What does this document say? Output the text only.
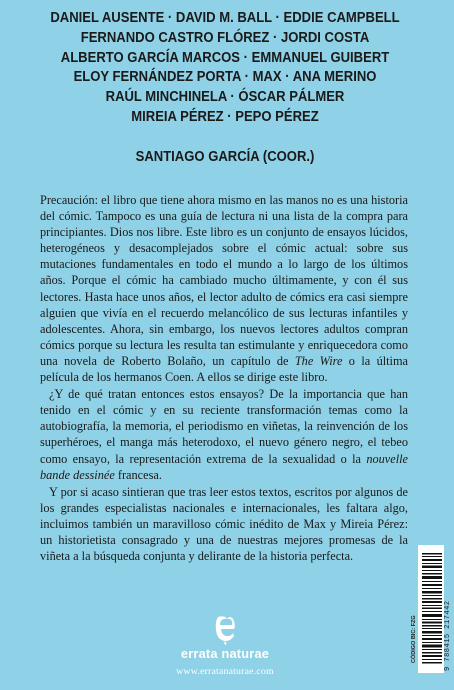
DANIEL AUSENTE · DAVID M. BALL · EDDIE CAMPBELL
FERNANDO CASTRO FLÓREZ · JORDI COSTA
ALBERTO GARCÍA MARCOS · EMMANUEL GUIBERT
ELOY FERNÁNDEZ PORTA · MAX · ANA MERINO
RAÚL MINCHINELA · ÓSCAR PÁLMER
MIREIA PÉREZ · PEPO PÉREZ
SANTIAGO GARCÍA (COOR.)

Precaución: el libro que tiene ahora mismo en las manos no es una historia del cómic. Tampoco es una guía de lectura ni una lista de la compra para principiantes. Dios nos libre. Este libro es un conjunto de ensayos lúcidos, heterogéneos y desacomplejados sobre el cómic actual: sobre sus mutaciones fundamentales en todo el mundo a lo largo de los últimos años. Porque el cómic ha cambiado mucho últimamente, y con él sus lectores. Hasta hace unos años, el lector adulto de cómics era casi siempre alguien que vivía en el recuerdo melancólico de sus lecturas infantiles y adolescentes. Ahora, sin embargo, los nuevos lectores adultos compran cómics porque su lectura les resulta tan estimulante y enriquecedora como una novela de Roberto Bolaño, un capítulo de The Wire o la última película de los hermanos Coen. A ellos se dirige este libro.

¿Y de qué tratan entonces estos ensayos? De la importancia que han tenido en el cómic y en su reciente transformación temas como la autobiografía, la memoria, el periodismo en viñetas, la reinvención de los superhéroes, el manga más heterodoxo, el nuevo género negro, el tebeo como ensayo, la representación extrema de la sexualidad o la nouvelle bande dessinée francesa.

Y por si acaso sintieran que tras leer estos textos, escritos por algunos de los grandes especialistas nacionales e internacionales, les faltara algo, incluimos también un maravilloso cómic inédito de Max y Mireia Pérez: un historietista consagrado y una de nuestras mejores promesas de la viñeta a la búsqueda conjunta y delirante de la historia perfecta.

CÓDIGO BIC: FZG	9 788415 217442
errata naturae
www.erratanaturae.com
